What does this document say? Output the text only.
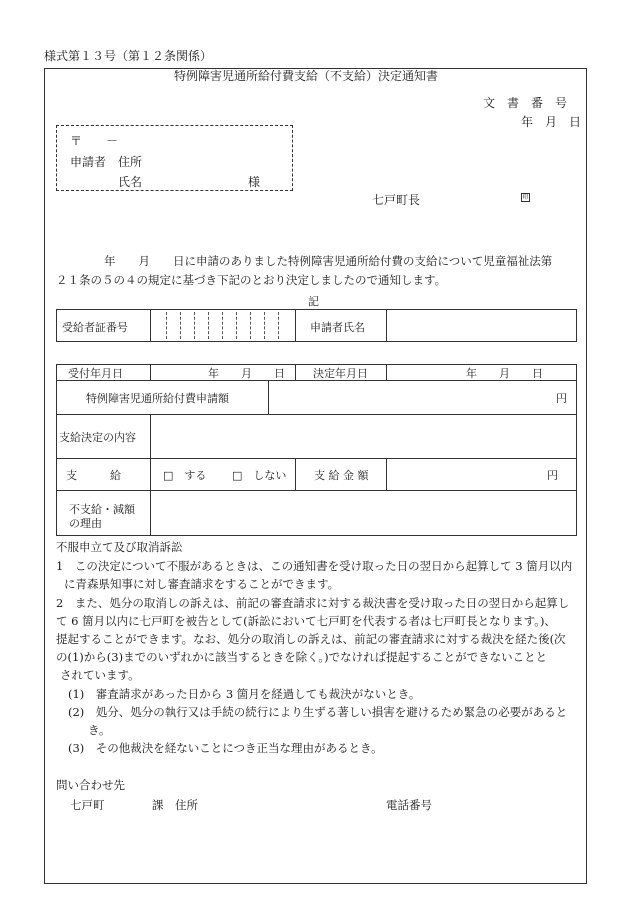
様式第１３号（第１２条関係）
特例障害児通所給付費支給（不支給）決定通知書
文　書　番　号
年　月　日
〒　　－
申請者 住所
氏名	様
七戸町長	印
年　　月　　日に申請のありました特例障害児通所給付費の支給について児童福祉法第
２１条の５の４の規定に基づき下記のとおり決定しましたので通知します。
記
受給者証番号	申請者氏名
受付年月日	年　　月　　日	決定年月日	年　　月　　日
特例障害児通所給付費申請額	円
支給決定の内容
支　　　給	□　する □　しない	支 給 金 額	円
不支給・減額
の理由
不服申立て及び取消訴訟
1　この決定について不服があるときは、この通知書を受け取った日の翌日から起算して 3 箇月以内
に青森県知事に対し審査請求をすることができます。
2　また、処分の取消しの訴えは、前記の審査請求に対する裁決書を受け取った日の翌日から起算し
て 6 箇月以内に七戸町を被告として(訴訟において七戸町を代表する者は七戸町長となります。)、
提起することができます。なお、処分の取消しの訴えは、前記の審査請求に対する裁決を経た後(次
の(1)から(3)までのいずれかに該当するときを除く。)でなければ提起することができないことと
されています。
(1)　審査請求があった日から 3 箇月を経過しても裁決がないとき。
(2)　処分、処分の執行又は手続の続行により生ずる著しい損害を避けるため緊急の必要があると
き。
(3)　その他裁決を経ないことにつき正当な理由があるとき。
問い合わせ先
七戸町	課 住所	電話番号
